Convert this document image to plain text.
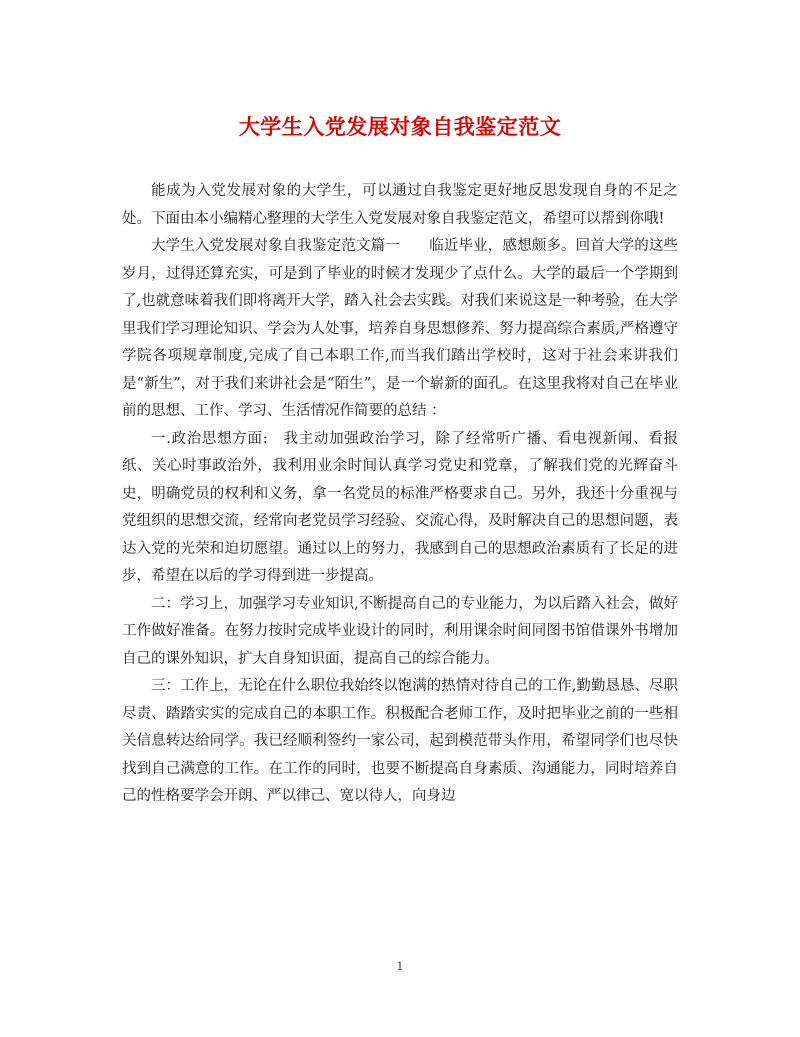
大学生入党发展对象自我鉴定范文

能成为入党发展对象的大学生，可以通过自我鉴定更好地反思发现自身的不足之处。下面由本小编精心整理的大学生入党发展对象自我鉴定范文，希望可以帮到你哦!

大学生入党发展对象自我鉴定范文篇一　　临近毕业，感想颇多。回首大学的这些岁月，过得还算充实，可是到了毕业的时候才发现少了点什么。大学的最后一个学期到了,也就意味着我们即将离开大学，踏入社会去实践。对我们来说这是一种考验，在大学里我们学习理论知识、学会为人处事，培养自身思想修养、努力提高综合素质,严格遵守学院各项规章制度,完成了自己本职工作,而当我们踏出学校时，这对于社会来讲我们是“新生”，对于我们来讲社会是“陌生”，是一个崭新的面孔。在这里我将对自己在毕业前的思想、工作、学习、生活情况作简要的总结 ：

一.政治思想方面:　我主动加强政治学习，除了经常听广播、看电视新闻、看报纸、关心时事政治外，我利用业余时间认真学习党史和党章，了解我们党的光辉奋斗史，明确党员的权利和义务，拿一名党员的标准严格要求自己。另外，我还十分重视与党组织的思想交流，经常向老党员学习经验、交流心得，及时解决自己的思想问题，表达入党的光荣和迫切愿望。通过以上的努力，我感到自己的思想政治素质有了长足的进步，希望在以后的学习得到进一步提高。

二：学习上，加强学习专业知识,不断提高自己的专业能力，为以后踏入社会，做好工作做好准备。在努力按时完成毕业设计的同时，利用课余时间同图书馆借课外书增加自己的课外知识，扩大自身知识面，提高自己的综合能力。

三：工作上，无论在什么职位我始终以饱满的热情对待自己的工作,勤勤恳恳、尽职尽责、踏踏实实的完成自己的本职工作。积极配合老师工作，及时把毕业之前的一些相关信息转达给同学。我已经顺利签约一家公司，起到模范带头作用，希望同学们也尽快找到自己满意的工作。在工作的同时，也要不断提高自身素质、沟通能力，同时培养自己的性格要学会开朗、严以律己、宽以待人，向身边

1
